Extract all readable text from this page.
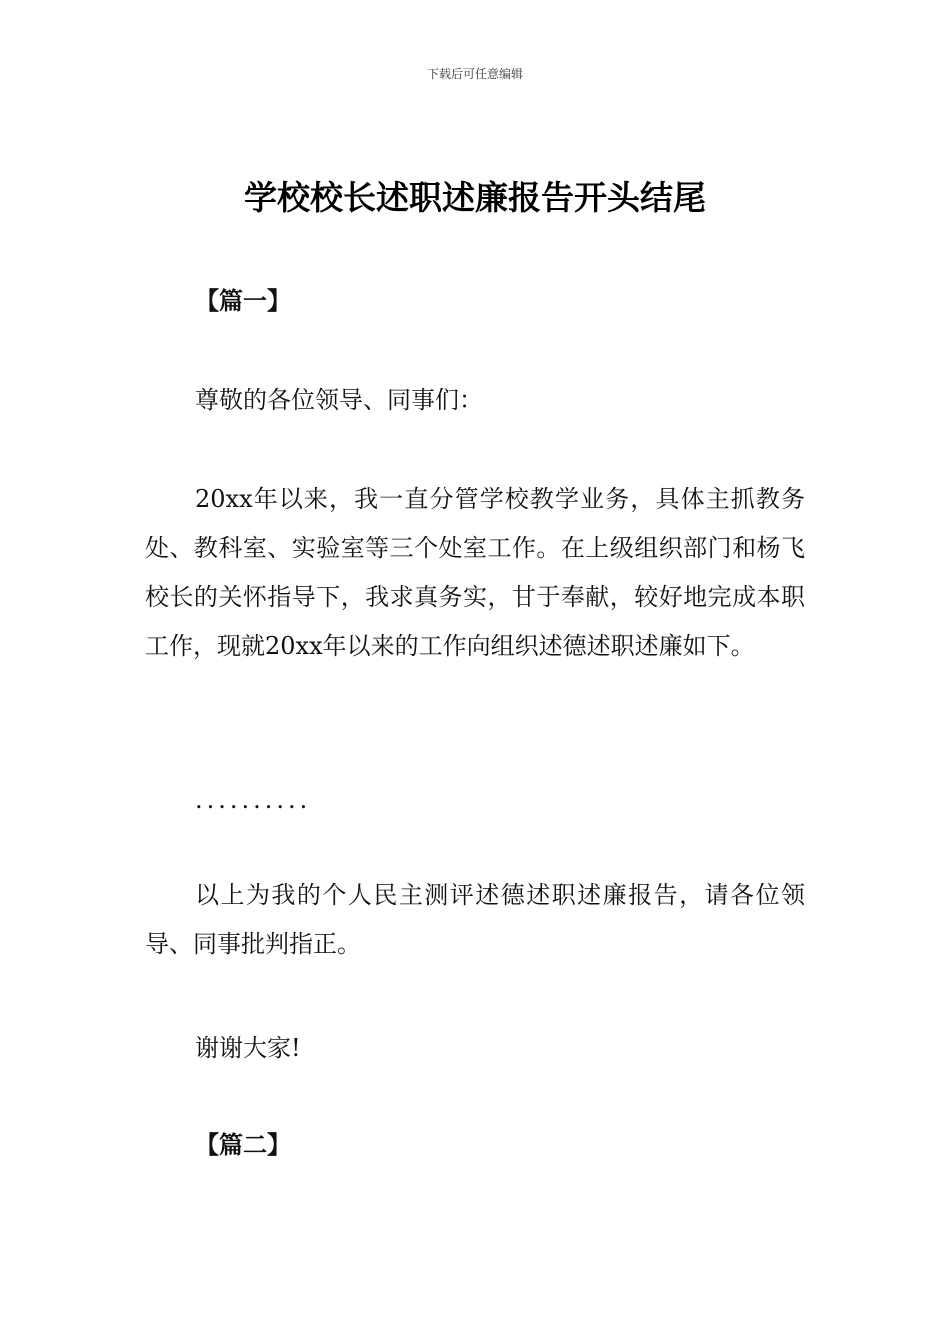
下载后可任意编辑
学校校长述职述廉报告开头结尾

【篇一】

尊敬的各位领导、同事们：

20xx年以来，我一直分管学校教学业务，具体主抓教务处、教科室、实验室等三个处室工作。在上级组织部门和杨飞校长的关怀指导下，我求真务实，甘于奉献，较好地完成本职工作，现就20xx年以来的工作向组织述德述职述廉如下。

..........

以上为我的个人民主测评述德述职述廉报告，请各位领导、同事批判指正。

谢谢大家!

【篇二】
